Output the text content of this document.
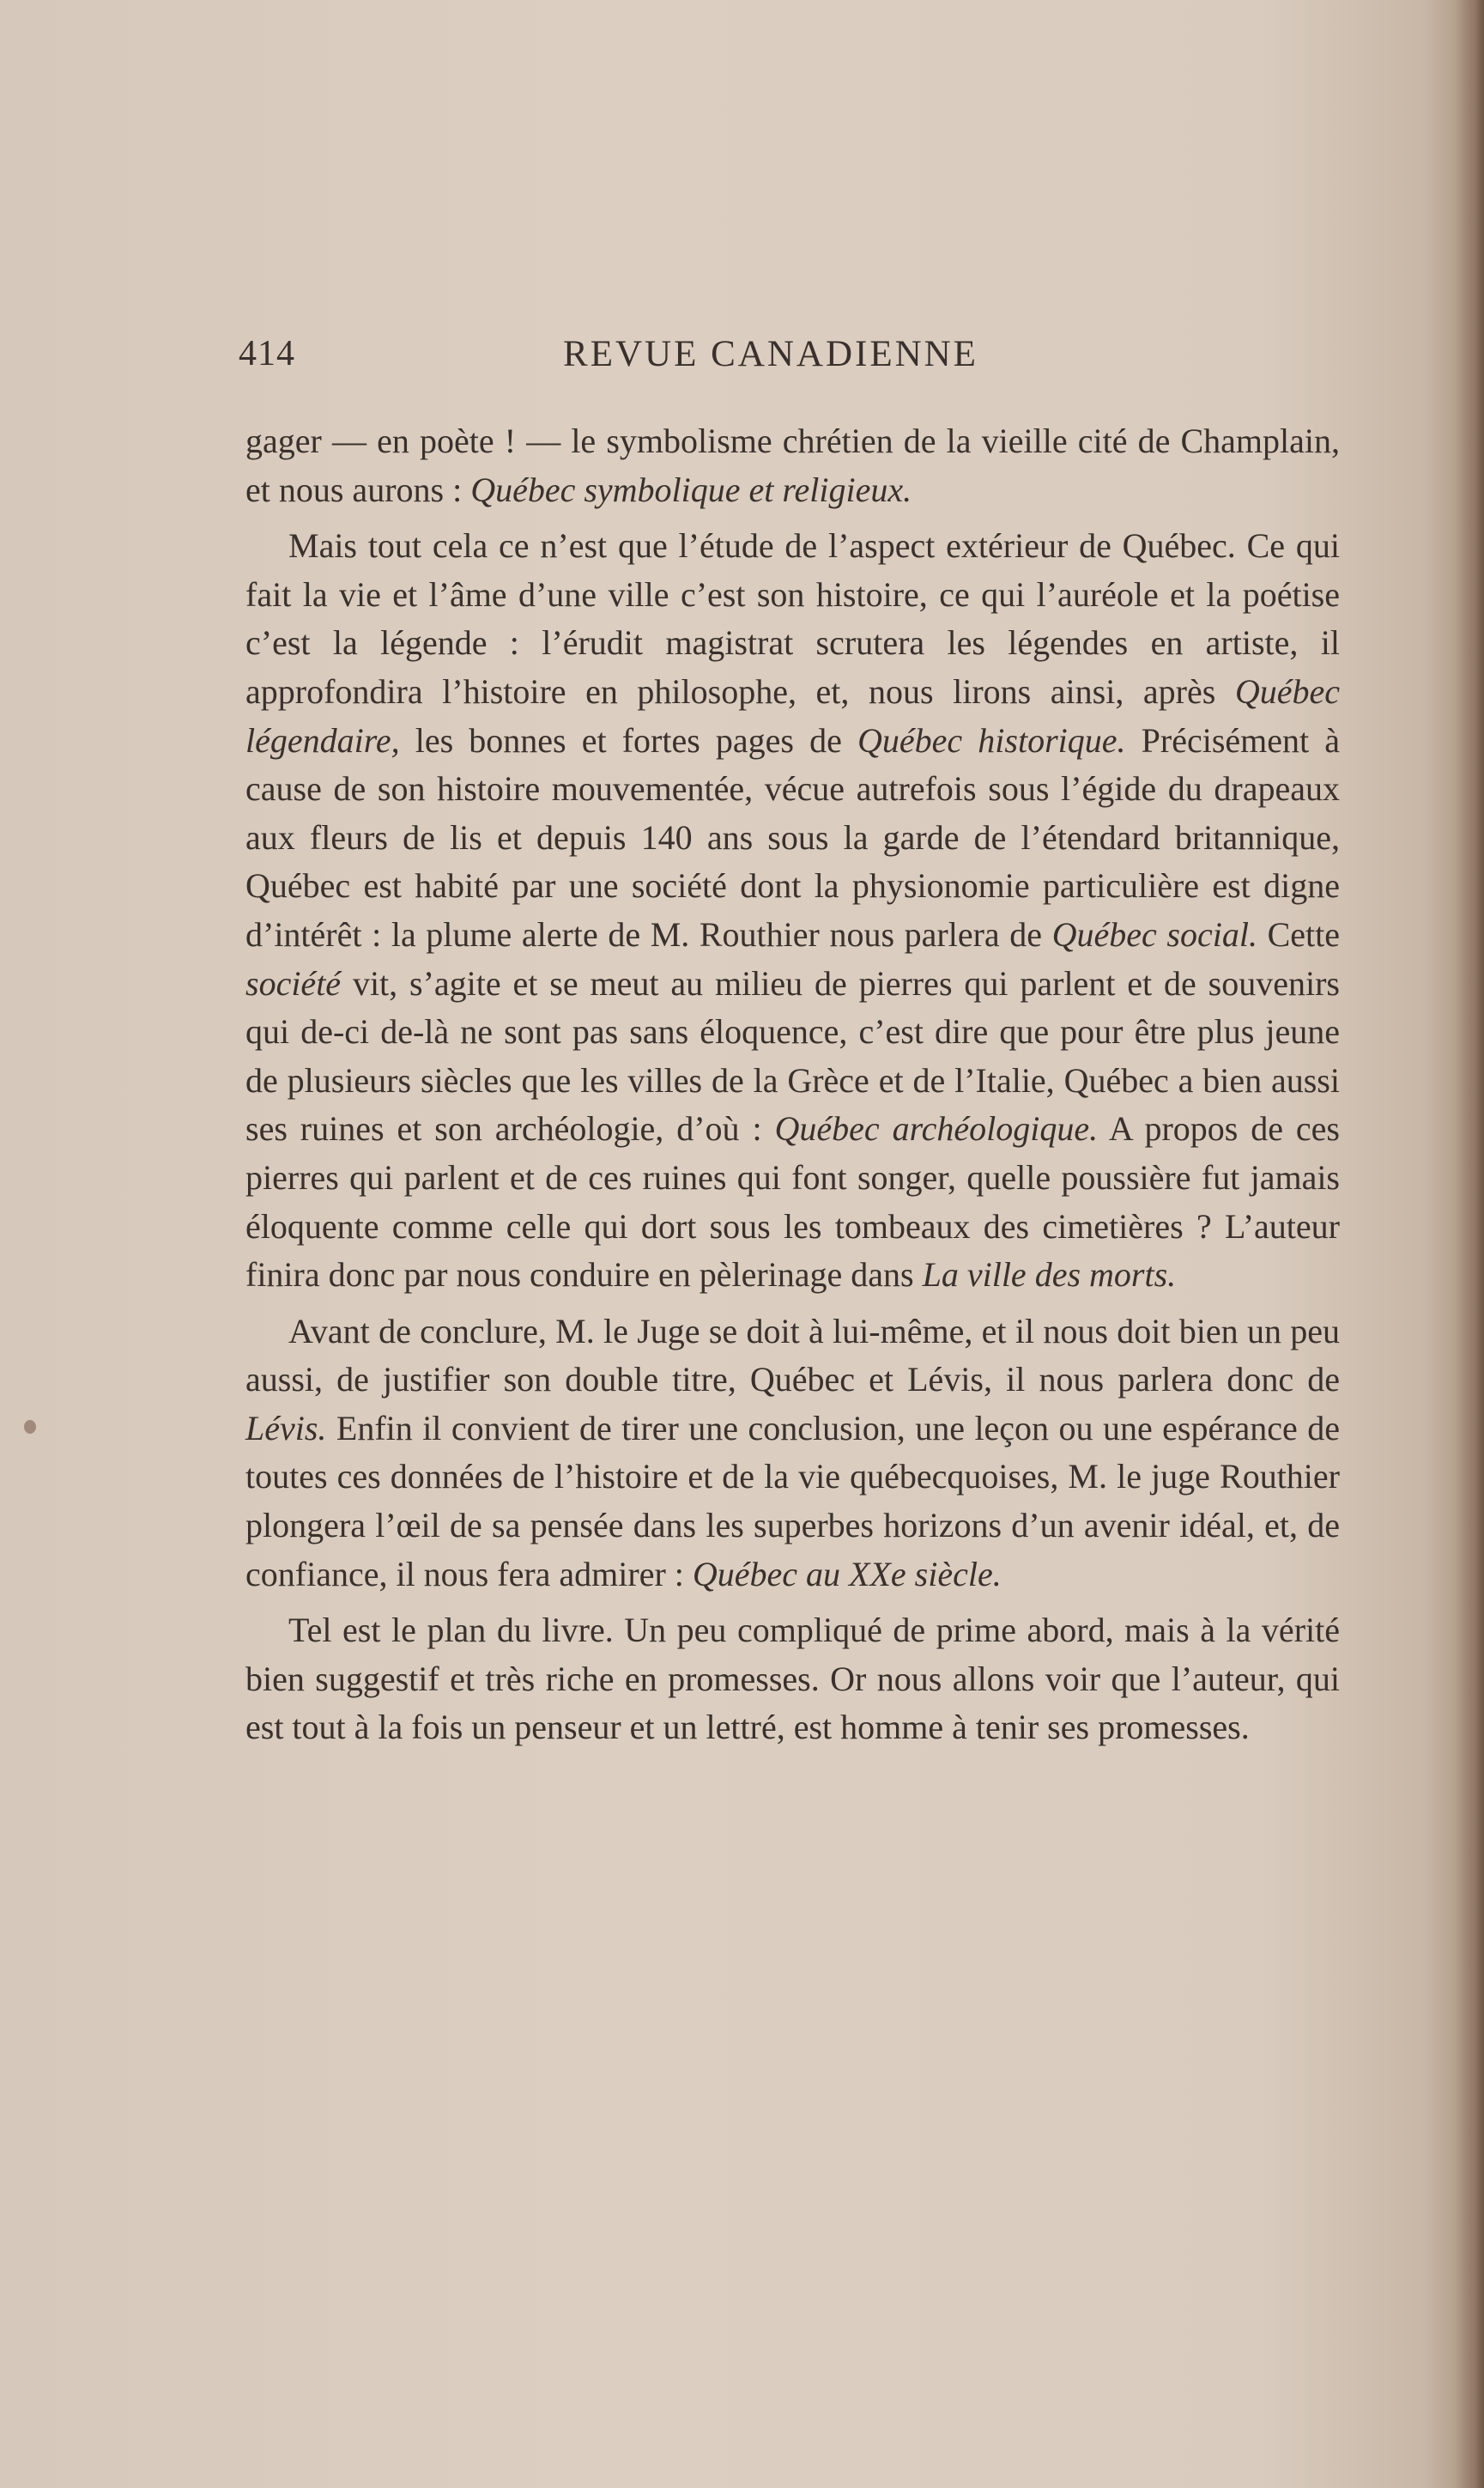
414	REVUE CANADIENNE

gager — en poète ! — le symbolisme chrétien de la vieille cité de Champlain, et nous aurons : Québec symbolique et religieux.

Mais tout cela ce n’est que l’étude de l’aspect extérieur de Québec. Ce qui fait la vie et l’âme d’une ville c’est son histoire, ce qui l’auréole et la poétise c’est la légende : l’érudit magistrat scrutera les légendes en artiste, il approfondira l’histoire en philosophe, et, nous lirons ainsi, après Québec légendaire, les bonnes et fortes pages de Québec historique. Précisément à cause de son histoire mouvementée, vécue autrefois sous l’égide du drapeaux aux fleurs de lis et depuis 140 ans sous la garde de l’étendard britannique, Québec est habité par une société dont la physionomie particulière est digne d’intérêt : la plume alerte de M. Routhier nous parlera de Québec social. Cette société vit, s’agite et se meut au milieu de pierres qui parlent et de souvenirs qui de-ci de-là ne sont pas sans éloquence, c’est dire que pour être plus jeune de plusieurs siècles que les villes de la Grèce et de l’Italie, Québec a bien aussi ses ruines et son archéologie, d’où : Québec archéologique. A propos de ces pierres qui parlent et de ces ruines qui font songer, quelle poussière fut jamais éloquente comme celle qui dort sous les tombeaux des cimetières ? L’auteur finira donc par nous conduire en pèlerinage dans La ville des morts.

Avant de conclure, M. le Juge se doit à lui-même, et il nous doit bien un peu aussi, de justifier son double titre, Québec et Lévis, il nous parlera donc de Lévis. Enfin il convient de tirer une conclusion, une leçon ou une espérance de toutes ces données de l’histoire et de la vie québecquoises, M. le juge Routhier plongera l’œil de sa pensée dans les superbes horizons d’un avenir idéal, et, de confiance, il nous fera admirer : Québec au XXe siècle.

Tel est le plan du livre. Un peu compliqué de prime abord, mais à la vérité bien suggestif et très riche en promesses. Or nous allons voir que l’auteur, qui est tout à la fois un penseur et un lettré, est homme à tenir ses promesses.
